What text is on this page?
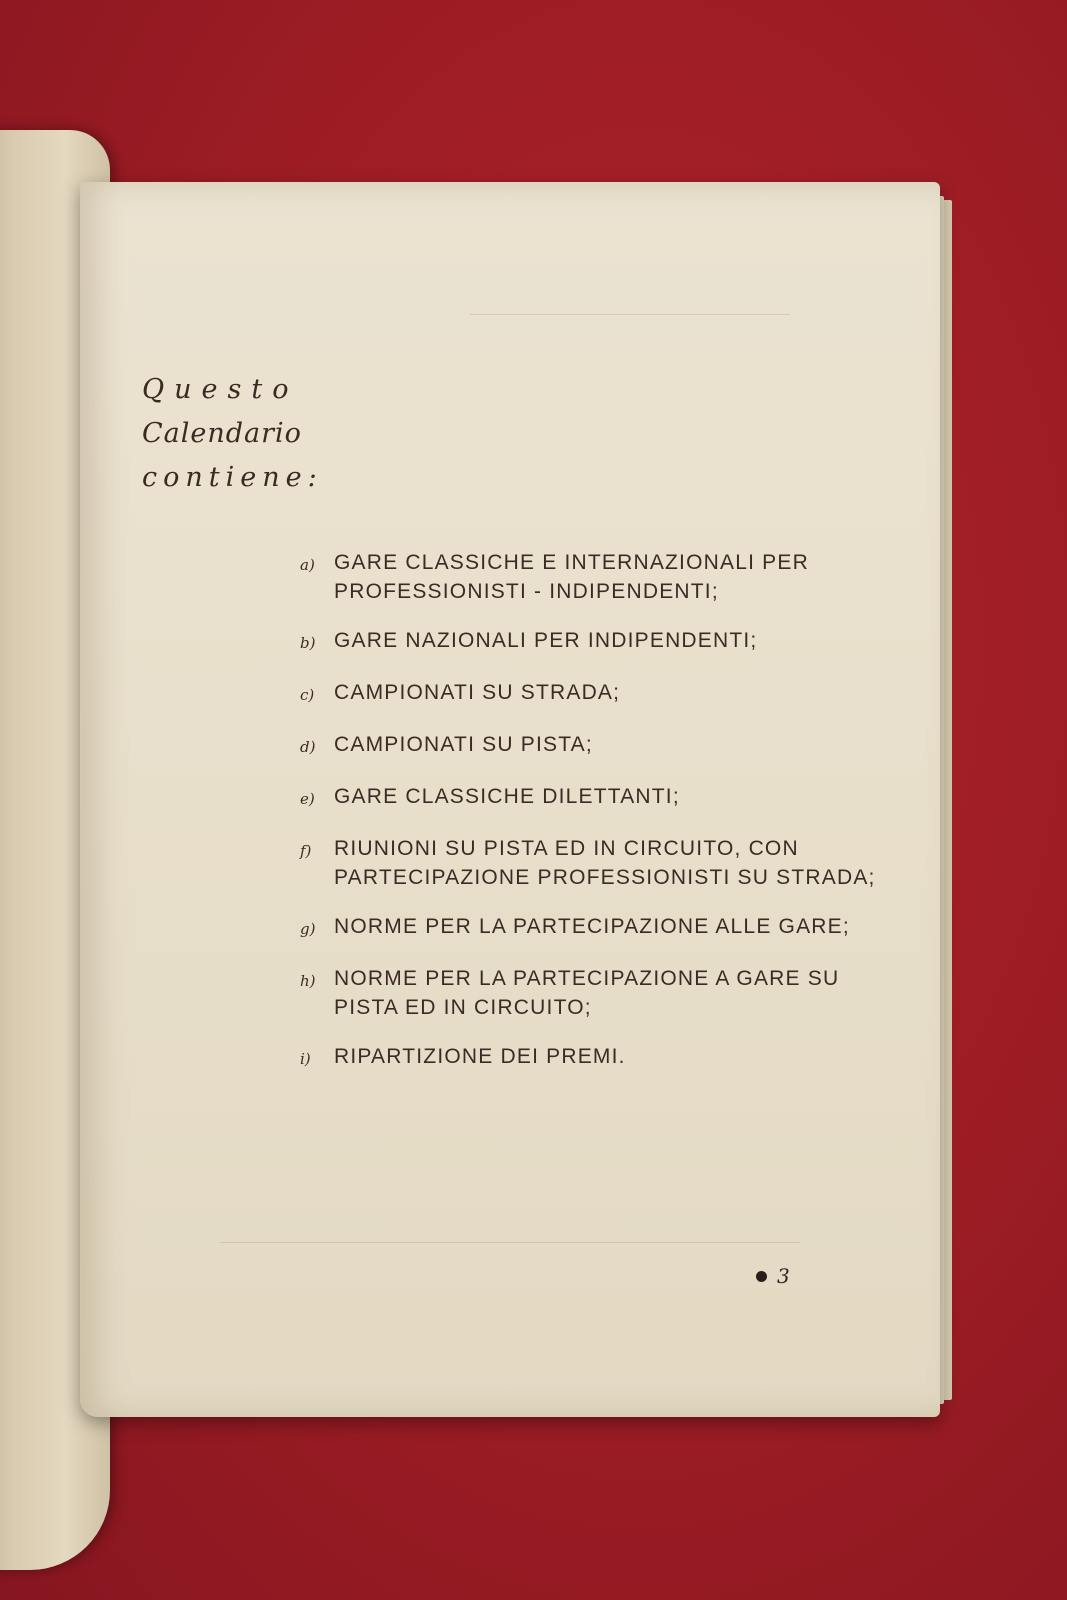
Questo
Calendario
contiene:
a) GARE CLASSICHE E INTERNAZIONALI PER PROFESSIONISTI - INDIPENDENTI;
b) GARE NAZIONALI PER INDIPENDENTI;
c) CAMPIONATI SU STRADA;
d) CAMPIONATI SU PISTA;
e) GARE CLASSICHE DILETTANTI;
f)	RIUNIONI SU PISTA ED IN CIRCUITO, CON PARTECIPAZIONE PROFESSIONISTI SU STRADA;
g) NORME PER LA PARTECIPAZIONE ALLE GARE;
h) NORME PER LA PARTECIPAZIONE A GARE SU PISTA ED IN CIRCUITO;
i)	RIPARTIZIONE DEI PREMI.
3
